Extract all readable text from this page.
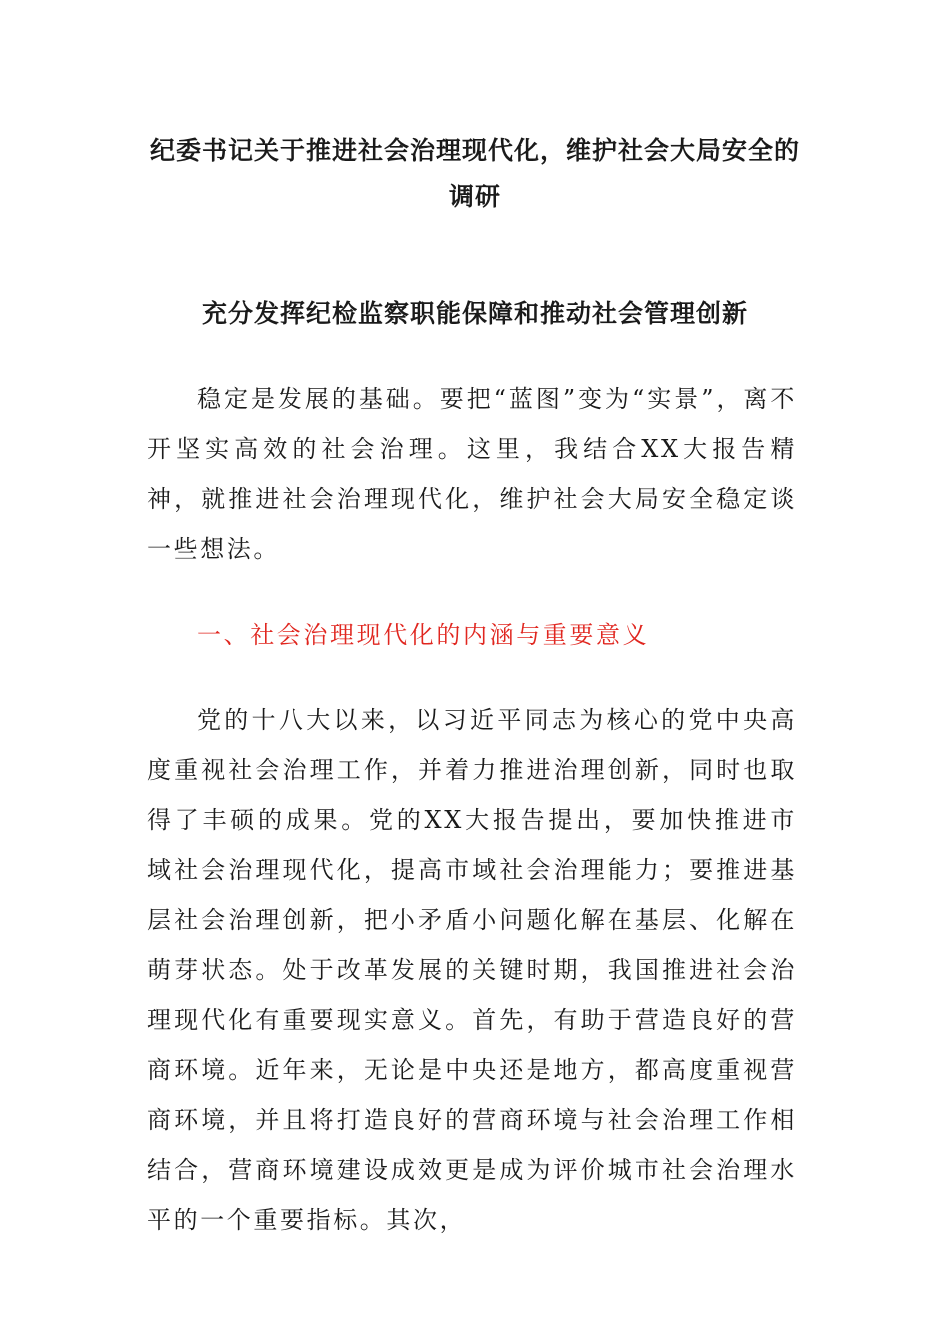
纪委书记关于推进社会治理现代化，维护社会大局安全的调研
充分发挥纪检监察职能保障和推动社会管理创新

稳定是发展的基础。要把“蓝图”变为“实景”，离不开坚实高效的社会治理。这里，我结合XX大报告精神，就推进社会治理现代化，维护社会大局安全稳定谈一些想法。

一、社会治理现代化的内涵与重要意义

党的十八大以来，以习近平同志为核心的党中央高度重视社会治理工作，并着力推进治理创新，同时也取得了丰硕的成果。党的XX大报告提出，要加快推进市域社会治理现代化，提高市域社会治理能力；要推进基层社会治理创新，把小矛盾小问题化解在基层、化解在萌芽状态。处于改革发展的关键时期，我国推进社会治理现代化有重要现实意义。首先，有助于营造良好的营商环境。近年来，无论是中央还是地方，都高度重视营商环境，并且将打造良好的营商环境与社会治理工作相结合，营商环境建设成效更是成为评价城市社会治理水平的一个重要指标。其次，
